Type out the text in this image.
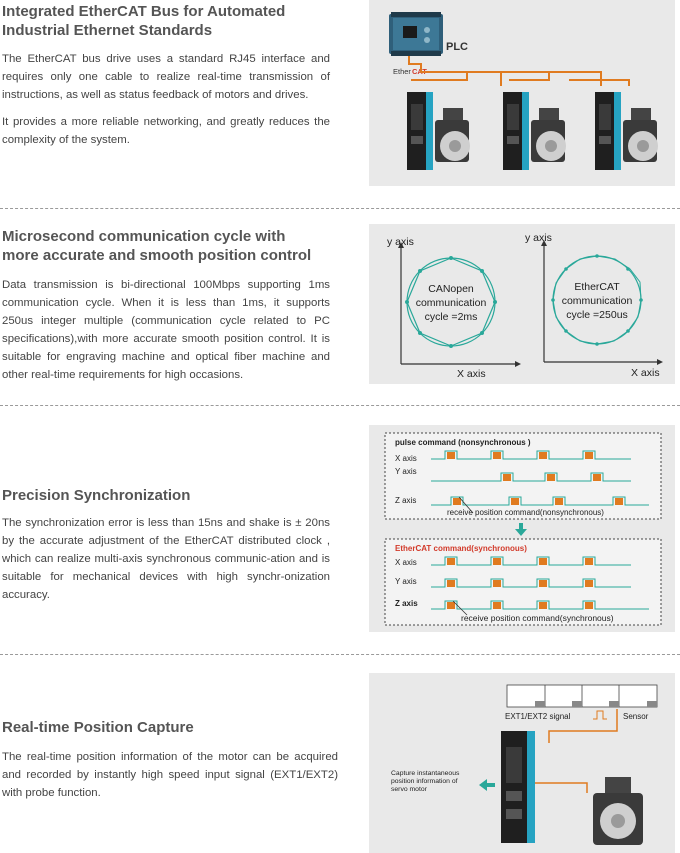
Integrated EtherCAT Bus for Automated
Industrial Ethernet Standards

The EtherCAT bus drive uses a standard RJ45 interface and requires only one cable to realize real-time transmission of instructions, as well as status feedback of motors and drives.

It provides a more reliable networking, and greatly reduces the complexity of the system.

PLC
Ether CAT
Microsecond communication cycle with
more accurate and smooth position control

Data transmission is bi-directional 100Mbps supporting 1ms communication cycle. When it is less than 1ms, it supports 250us integer multiple (communication cycle related to PC specifications),with more accurate smooth position control. It is suitable for engraving machine and optical fiber machine and other real-time requirements for high occasions.

y axis
X axis
CANopen
communication
cycle =2ms
y axis
X axis
EtherCAT
communication
cycle =250us
Precision Synchronization

The synchronization error is less than 15ns and shake is ± 20ns by the accurate adjustment of the EtherCAT distributed clock , which can realize multi-axis synchronous communic-ation and is suitable for mechanical devices with high synchr-onization accuracy.

pulse command (nonsynchronous )
X axis
Y axis
Z axis
receive position command(nonsynchronous)
EtherCAT command(synchronous)
X axis
Y axis
Z axis
receive position command(synchronous)
Real-time Position Capture

The real-time position information of the motor can be acquired and recorded by instantly high speed input signal (EXT1/EXT2) with probe function.

EXT1/EXT2 signal	Sensor
Capture instantaneous
position information of
servo motor
